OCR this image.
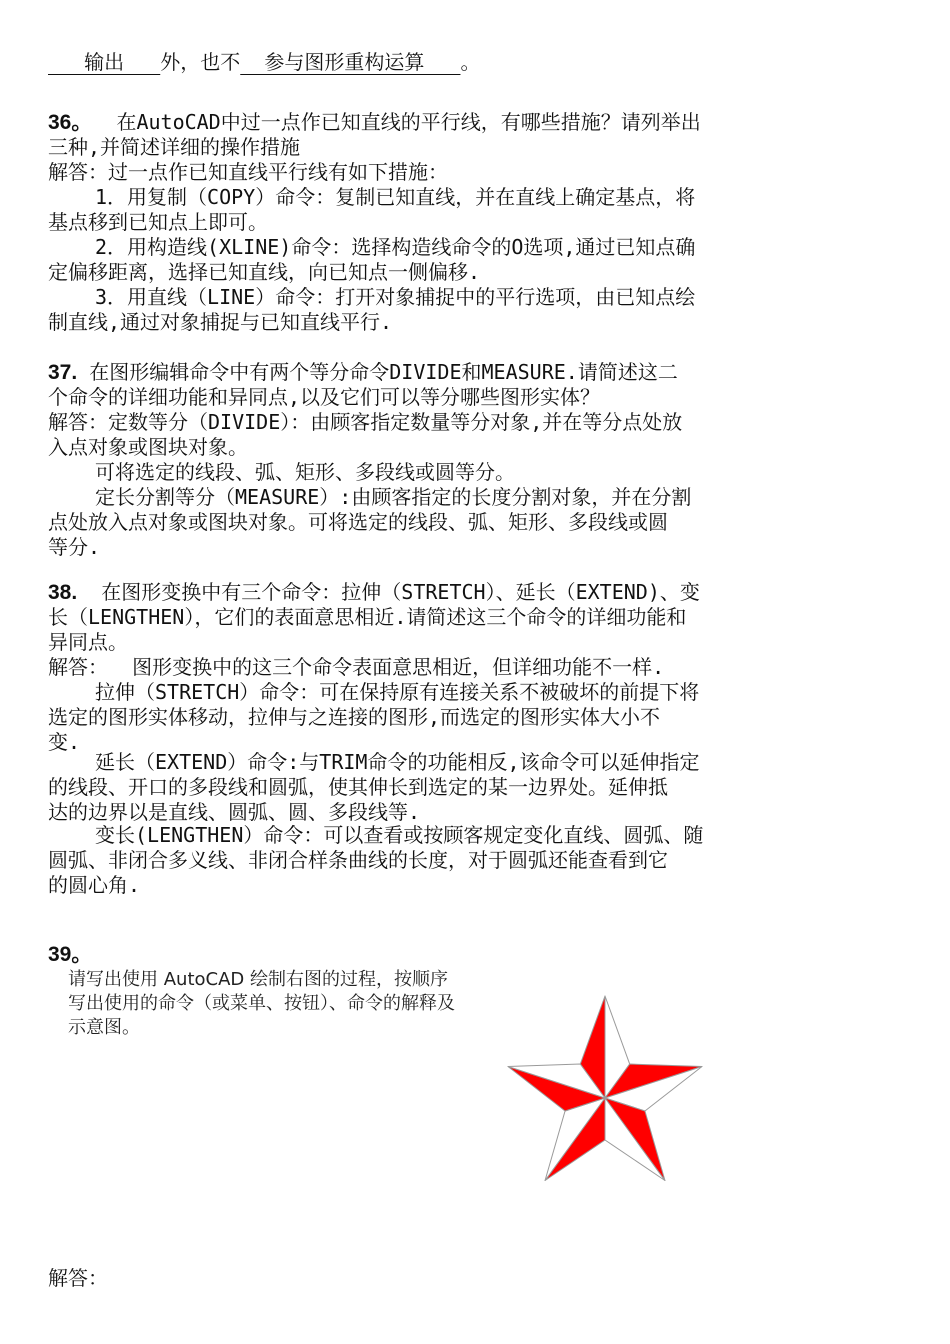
输出   外，也不  参与图形重构运算   。
36。  在AutoCAD中过一点作已知直线的平行线，有哪些措施？请列举出
三种,并简述详细的操作措施
解答：过一点作已知直线平行线有如下措施：
1．用复制（COPY）命令：复制已知直线，并在直线上确定基点，将
基点移到已知点上即可。
2．用构造线(XLINE)命令：选择构造线命令的O选项,通过已知点确
定偏移距离，选择已知直线，向已知点一侧偏移.
3．用直线（LINE）命令：打开对象捕捉中的平行选项，由已知点绘
制直线,通过对象捕捉与已知直线平行.
37. 在图形编辑命令中有两个等分命令DIVIDE和MEASURE.请简述这二
个命令的详细功能和异同点,以及它们可以等分哪些图形实体？
解答：定数等分（DIVIDE）：由顾客指定数量等分对象,并在等分点处放
入点对象或图块对象。
可将选定的线段、弧、矩形、多段线或圆等分。
定长分割等分（MEASURE）:由顾客指定的长度分割对象，并在分割
点处放入点对象或图块对象。可将选定的线段、弧、矩形、多段线或圆
等分.
38.  在图形变换中有三个命令：拉伸（STRETCH）、延长（EXTEND)、变
长（LENGTHEN），它们的表面意思相近.请简述这三个命令的详细功能和
异同点。
解答：  图形变换中的这三个命令表面意思相近，但详细功能不一样.
拉伸（STRETCH）命令：可在保持原有连接关系不被破坏的前提下将
选定的图形实体移动，拉伸与之连接的图形,而选定的图形实体大小不
变.
延长（EXTEND）命令:与TRIM命令的功能相反,该命令可以延伸指定
的线段、开口的多段线和圆弧，使其伸长到选定的某一边界处。延伸抵
达的边界以是直线、圆弧、圆、多段线等.
变长(LENGTHEN）命令：可以查看或按顾客规定变化直线、圆弧、随
圆弧、非闭合多义线、非闭合样条曲线的长度，对于圆弧还能查看到它
的圆心角.
39。
请写出使用 AutoCAD 绘制右图的过程，按顺序
写出使用的命令（或菜单、按钮）、命令的解释及
示意图。
解答：
